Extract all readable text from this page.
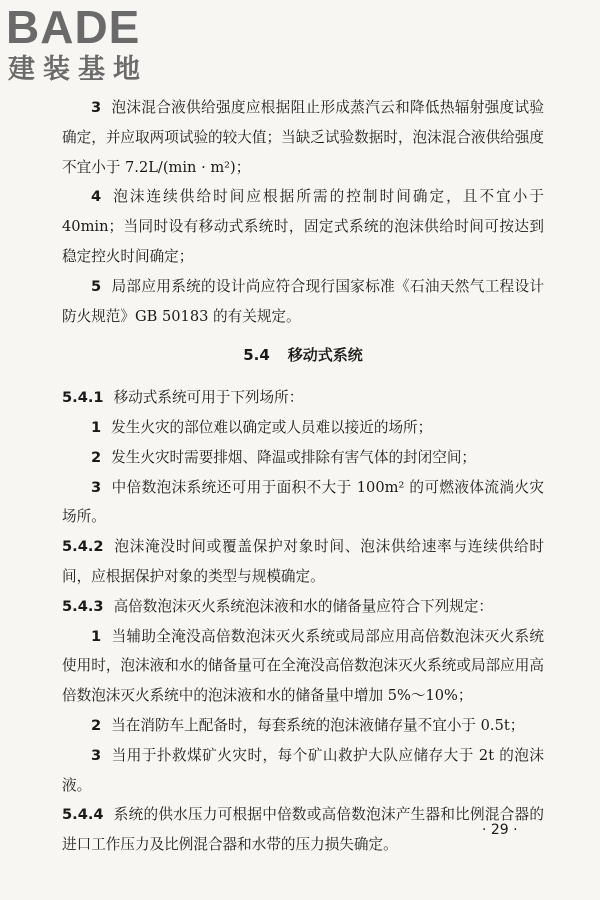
BADE
建装基地

3 泡沫混合液供给强度应根据阻止形成蒸汽云和降低热辐射强度试验确定，并应取两项试验的较大值；当缺乏试验数据时，泡沫混合液供给强度不宜小于 7.2L/(min · m²)；

4 泡沫连续供给时间应根据所需的控制时间确定，且不宜小于 40min；当同时设有移动式系统时，固定式系统的泡沫供给时间可按达到稳定控火时间确定；

5 局部应用系统的设计尚应符合现行国家标准《石油天然气工程设计防火规范》GB 50183 的有关规定。

5.4 移动式系统

5.4.1 移动式系统可用于下列场所：

1 发生火灾的部位难以确定或人员难以接近的场所；

2 发生火灾时需要排烟、降温或排除有害气体的封闭空间；

3 中倍数泡沫系统还可用于面积不大于 100m² 的可燃液体流淌火灾场所。

5.4.2 泡沫淹没时间或覆盖保护对象时间、泡沫供给速率与连续供给时间，应根据保护对象的类型与规模确定。

5.4.3 高倍数泡沫灭火系统泡沫液和水的储备量应符合下列规定：

1 当辅助全淹没高倍数泡沫灭火系统或局部应用高倍数泡沫灭火系统使用时，泡沫液和水的储备量可在全淹没高倍数泡沫灭火系统或局部应用高倍数泡沫灭火系统中的泡沫液和水的储备量中增加 5%～10%；

2 当在消防车上配备时，每套系统的泡沫液储存量不宜小于 0.5t；

3 当用于扑救煤矿火灾时，每个矿山救护大队应储存大于 2t 的泡沫液。

5.4.4 系统的供水压力可根据中倍数或高倍数泡沫产生器和比例混合器的进口工作压力及比例混合器和水带的压力损失确定。

· 29 ·
